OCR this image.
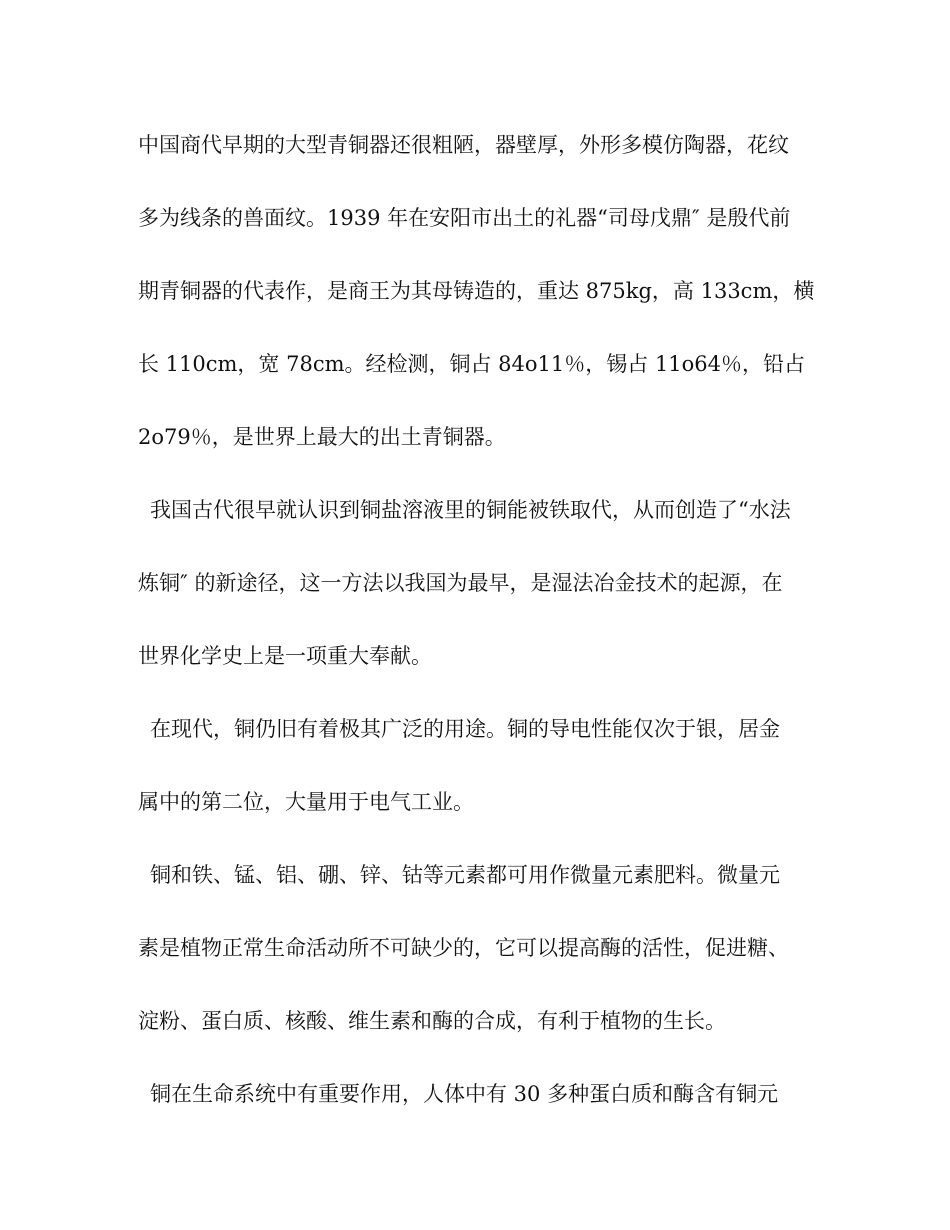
中国商代早期的大型青铜器还很粗陋，器壁厚，外形多模仿陶器，花纹

多为线条的兽面纹。1939 年在安阳市出土的礼器“司母戊鼎″ 是殷代前

期青铜器的代表作，是商王为其母铸造的，重达 875kg，高 133cm，横

长 110cm，宽 78cm。经检测，铜占 84o11％，锡占 11o64％，铅占

2o79％，是世界上最大的出土青铜器。

我国古代很早就认识到铜盐溶液里的铜能被铁取代，从而创造了“水法

炼铜″ 的新途径，这一方法以我国为最早，是湿法冶金技术的起源，在

世界化学史上是一项重大奉献。

在现代，铜仍旧有着极其广泛的用途。铜的导电性能仅次于银，居金

属中的第二位，大量用于电气工业。

铜和铁、锰、铝、硼、锌、钴等元素都可用作微量元素肥料。微量元

素是植物正常生命活动所不可缺少的，它可以提高酶的活性，促进糖、

淀粉、蛋白质、核酸、维生素和酶的合成，有利于植物的生长。

铜在生命系统中有重要作用，人体中有 30 多种蛋白质和酶含有铜元
